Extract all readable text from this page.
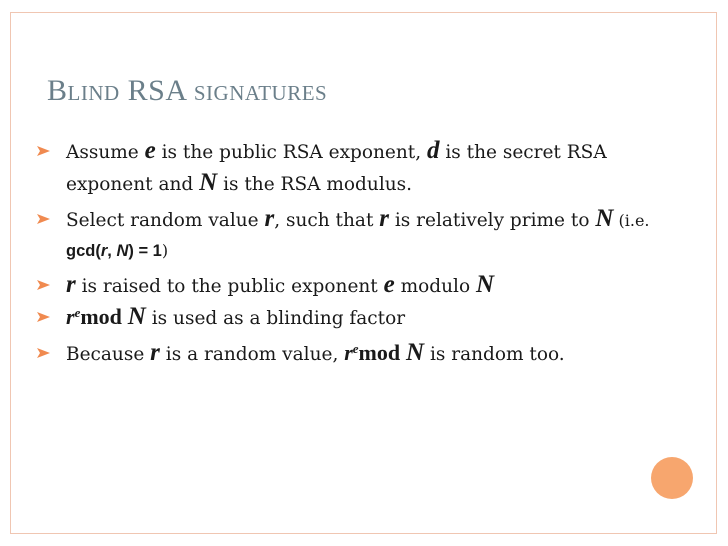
Blind RSA signatures
Assume e is the public RSA exponent, d is the secret RSA exponent and N is the RSA modulus.
Select random value r, such that r is relatively prime to N (i.e. gcd(r, N) = 1)
r is raised to the public exponent e modulo N
$r^emod$ N is used as a blinding factor
Because r is a random value, $r^emod$ N is random too.
